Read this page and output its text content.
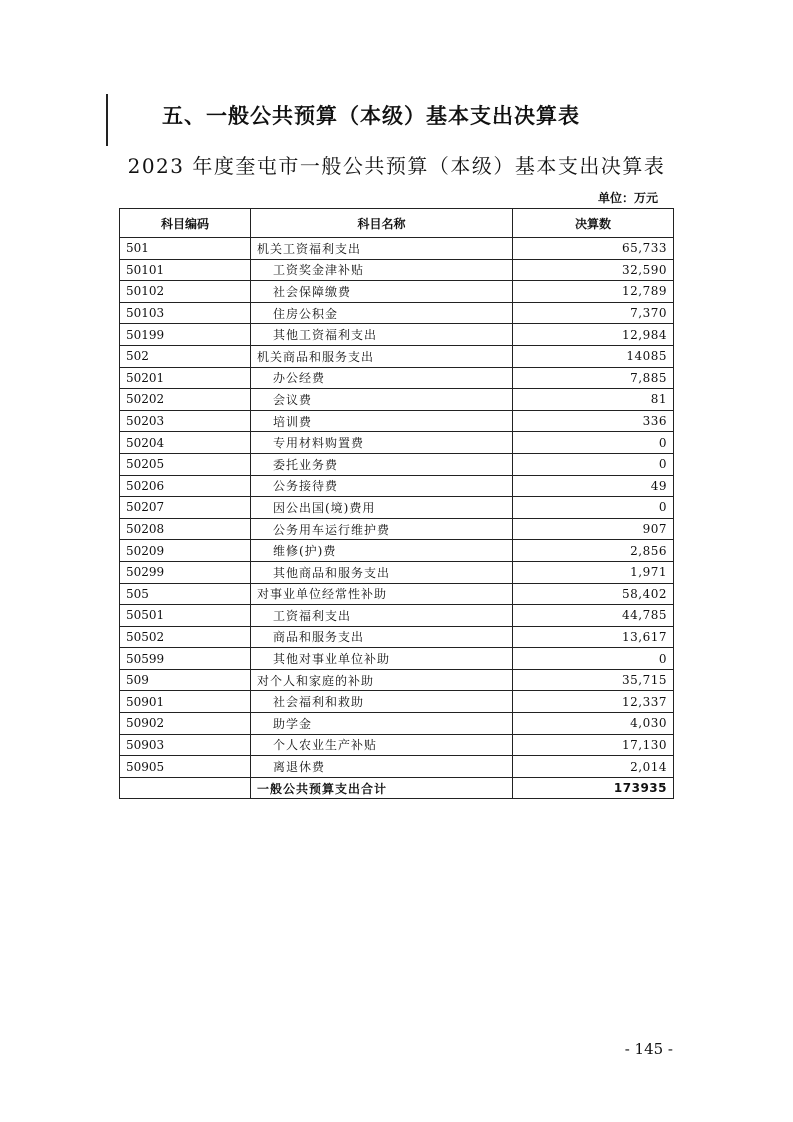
五、一般公共预算（本级）基本支出决算表
2023 年度奎屯市一般公共预算（本级）基本支出决算表
单位：万元
科目编码	科目名称	决算数
501	机关工资福利支出	65,733
50101	工资奖金津补贴	32,590
50102	社会保障缴费	12,789
50103	住房公积金	7,370
50199	其他工资福利支出	12,984
502	机关商品和服务支出	14085
50201	办公经费	7,885
50202	会议费	81
50203	培训费	336
50204	专用材料购置费	0
50205	委托业务费	0
50206	公务接待费	49
50207	因公出国(境)费用	0
50208	公务用车运行维护费	907
50209	维修(护)费	2,856
50299	其他商品和服务支出	1,971
505	对事业单位经常性补助	58,402
50501	工资福利支出	44,785
50502	商品和服务支出	13,617
50599	其他对事业单位补助	0
509	对个人和家庭的补助	35,715
50901	社会福利和救助	12,337
50902	助学金	4,030
50903	个人农业生产补贴	17,130
50905	离退休费	2,014
	一般公共预算支出合计	173935
- 145 -
